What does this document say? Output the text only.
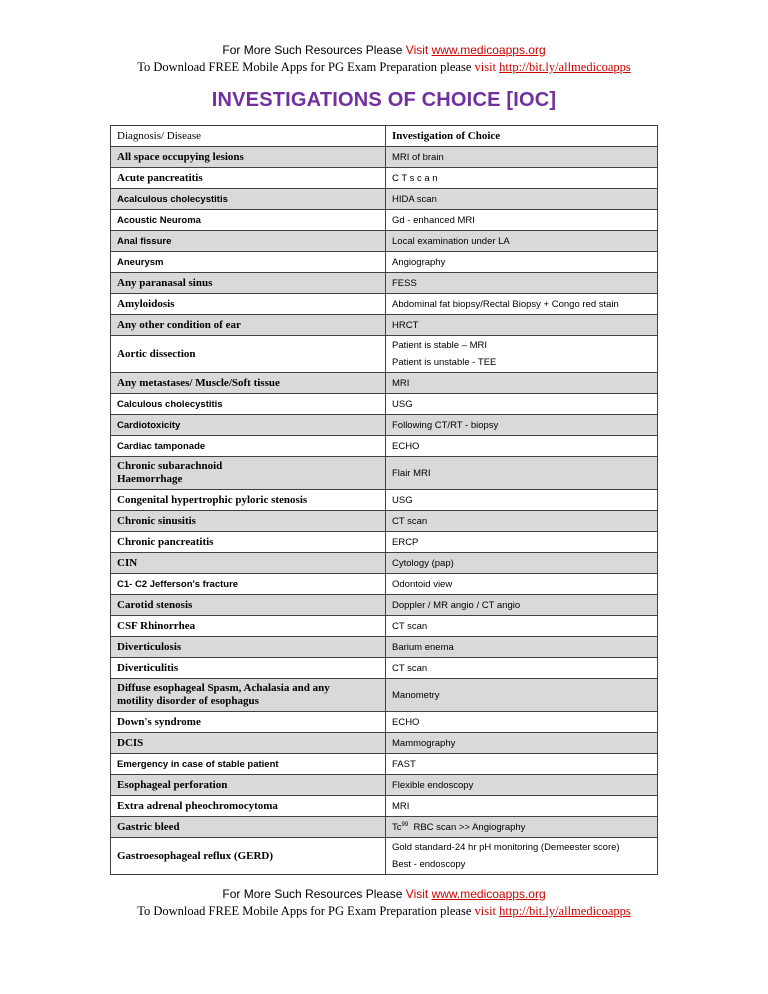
For More Such Resources Please Visit www.medicoapps.org
To Download FREE Mobile Apps for PG Exam Preparation please visit http://bit.ly/allmedicoapps
INVESTIGATIONS OF CHOICE [IOC]
Diagnosis/ Disease	Investigation of Choice

All space occupying lesions	MRI of brain

Acute pancreatitis	C T s c a n

Acalculous cholecystitis	HIDA scan

Acoustic Neuroma	Gd - enhanced MRI

Anal fissure	Local examination under LA

Aneurysm	Angiography

Any paranasal sinus	FESS

Amyloidosis	Abdominal fat biopsy/Rectal Biopsy + Congo red stain

Any other condition of ear	HRCT

Aortic dissection	Patient is stable – MRI
Patient is unstable - TEE

Any metastases/ Muscle/Soft tissue	MRI

Calculous cholecystitis	USG

Cardiotoxicity	Following CT/RT - biopsy

Cardiac tamponade	ECHO

Chronic subarachnoid
Haemorrhage	Flair MRI

Congenital hypertrophic pyloric stenosis	USG

Chronic sinusitis	CT scan

Chronic pancreatitis	ERCP

CIN	Cytology (pap)

C1- C2 Jefferson's fracture	Odontoid view

Carotid stenosis	Doppler / MR angio / CT angio

CSF Rhinorrhea	CT scan

Diverticulosis	Barium enema

Diverticulitis	CT scan

Diffuse esophageal Spasm, Achalasia and any
motility disorder of esophagus	Manometry

Down's syndrome	ECHO

DCIS	Mammography

Emergency in case of stable patient	FAST

Esophageal perforation	Flexible endoscopy

Extra adrenal pheochromocytoma	MRI

Gastric bleed	Tc$^{99}$  RBC scan >> Angiography

Gastroesophageal reflux (GERD)	Gold standard-24 hr pH monitoring (Demeester score)
Best - endoscopy
For More Such Resources Please Visit www.medicoapps.org
To Download FREE Mobile Apps for PG Exam Preparation please visit http://bit.ly/allmedicoapps
